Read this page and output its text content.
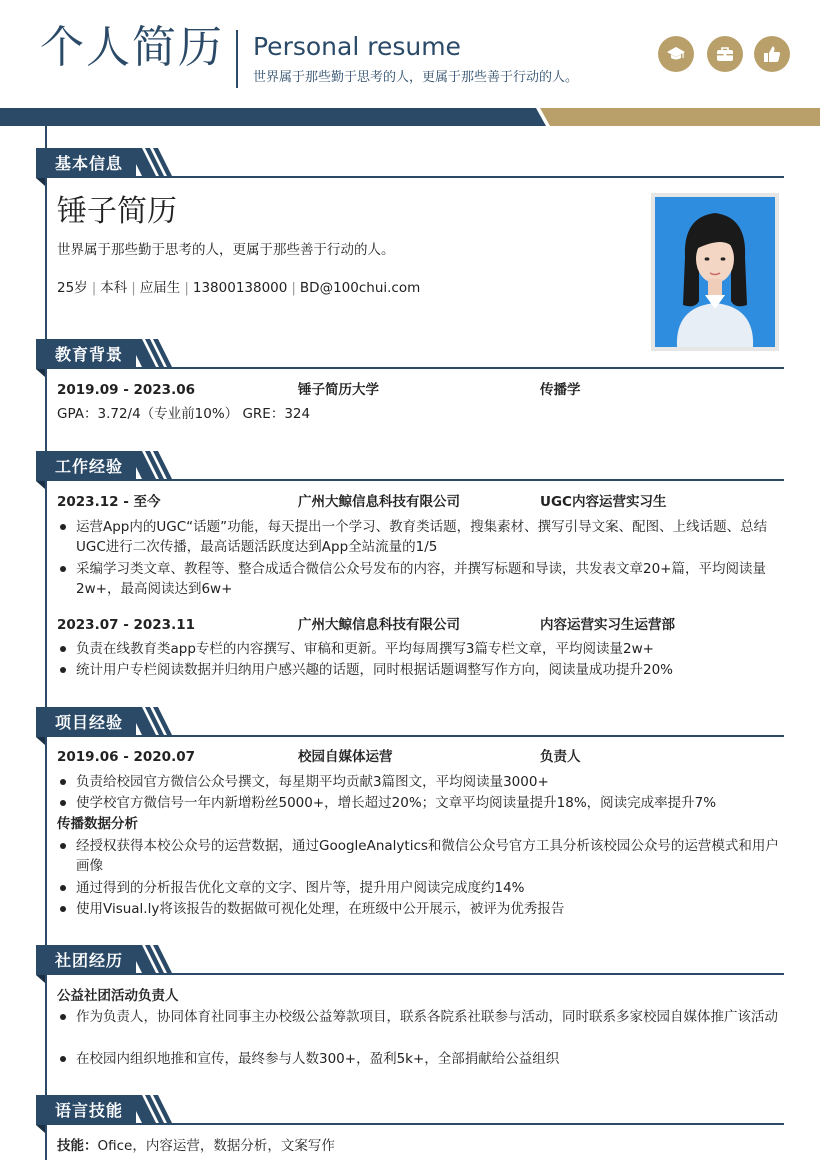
个人简历 Personal resume
世界属于那些勤于思考的人，更属于那些善于行动的人。
基本信息
锤子简历
世界属于那些勤于思考的人，更属于那些善于行动的人。
25岁 | 本科 | 应届生 | 13800138000 | BD@100chui.com
教育背景
2019.09 - 2023.06	锤子简历大学	传播学
GPA：3.72/4（专业前10%） GRE：324
工作经验
2023.12 - 至今	广州大鲸信息科技有限公司	UGC内容运营实习生
运营App内的UGC“话题”功能，每天提出一个学习、教育类话题，搜集素材、撰写引导文案、配图、上线话题、总结UGC进行二次传播，最高话题活跃度达到App全站流量的1/5
采编学习类文章、教程等、整合成适合微信公众号发布的内容，并撰写标题和导读，共发表文章20+篇，平均阅读量2w+，最高阅读达到6w+
2023.07 - 2023.11	广州大鲸信息科技有限公司	内容运营实习生运营部
负责在线教育类app专栏的内容撰写、审稿和更新。平均每周撰写3篇专栏文章，平均阅读量2w+
统计用户专栏阅读数据并归纳用户感兴趣的话题，同时根据话题调整写作方向，阅读量成功提升20%
项目经验
2019.06 - 2020.07	校园自媒体运营	负责人
负责给校园官方微信公众号撰文，每星期平均贡献3篇图文，平均阅读量3000+
使学校官方微信号一年内新增粉丝5000+，增长超过20%；文章平均阅读量提升18%，阅读完成率提升7%
传播数据分析
经授权获得本校公众号的运营数据，通过GoogleAnalytics和微信公众号官方工具分析该校园公众号的运营模式和用户画像
通过得到的分析报告优化文章的文字、图片等，提升用户阅读完成度约14%
使用Visual.ly将该报告的数据做可视化处理，在班级中公开展示，被评为优秀报告
社团经历
公益社团活动负责人
作为负责人，协同体育社同事主办校级公益筹款项目，联系各院系社联参与活动，同时联系多家校园自媒体推广该活动
在校园内组织地推和宣传，最终参与人数300+，盈利5k+，全部捐献给公益组织
语言技能
技能：Ofice，内容运营，数据分析，文案写作
